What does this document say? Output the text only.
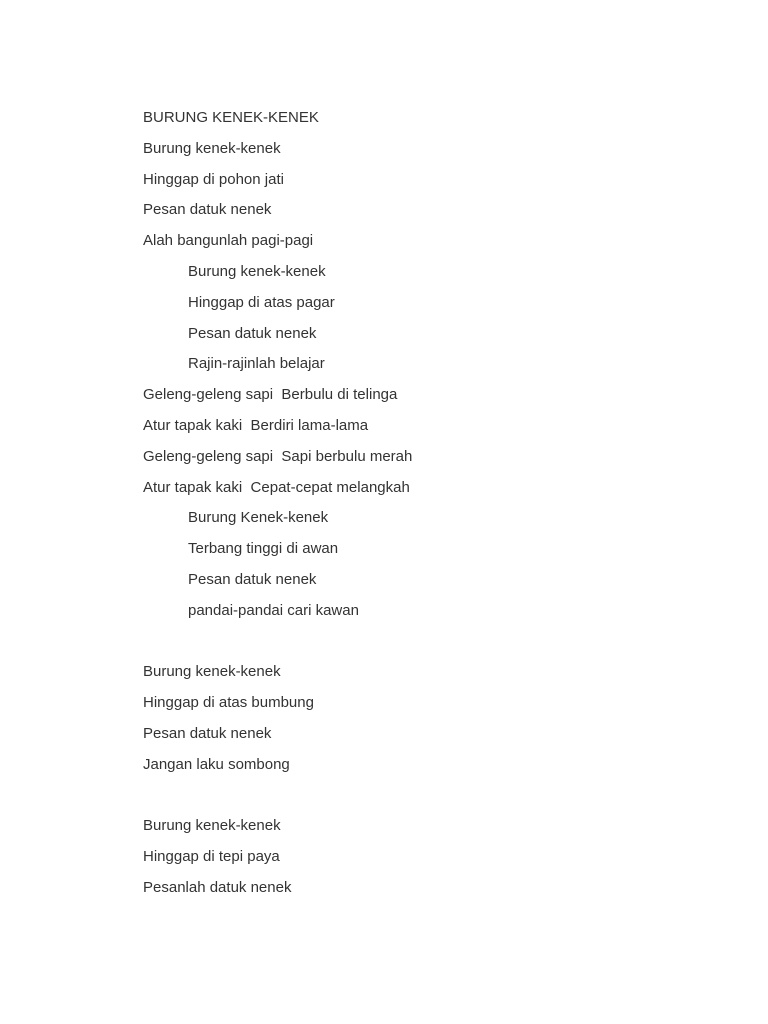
BURUNG KENEK-KENEK
Burung kenek-kenek
Hinggap di pohon jati
Pesan datuk nenek
Alah bangunlah pagi-pagi
Burung kenek-kenek
Hinggap di atas pagar
Pesan datuk nenek
Rajin-rajinlah belajar
Geleng-geleng sapi  Berbulu di telinga
Atur tapak kaki  Berdiri lama-lama
Geleng-geleng sapi  Sapi berbulu merah
Atur tapak kaki  Cepat-cepat melangkah
Burung Kenek-kenek
Terbang tinggi di awan
Pesan datuk nenek
pandai-pandai cari kawan
Burung kenek-kenek
Hinggap di atas bumbung
Pesan datuk nenek
Jangan laku sombong
Burung kenek-kenek
Hinggap di tepi paya
Pesanlah datuk nenek
